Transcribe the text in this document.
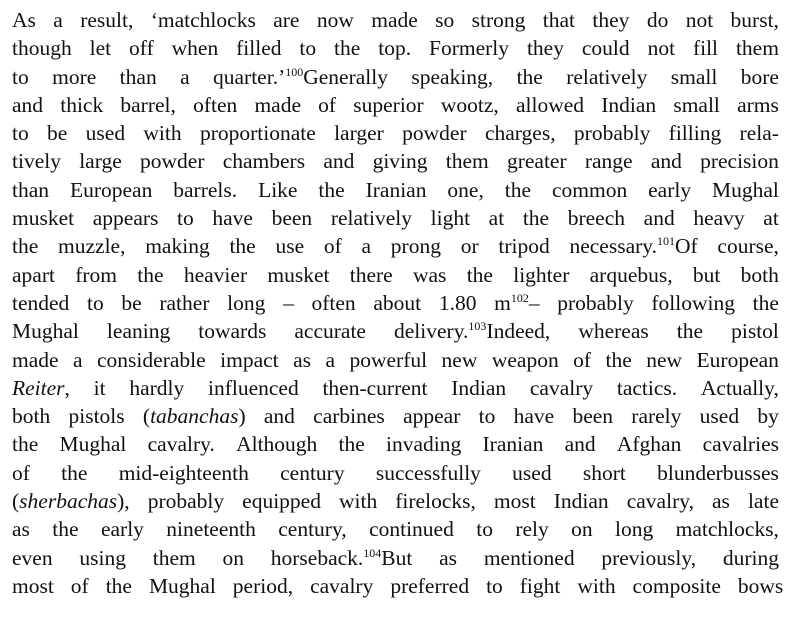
As a result, ‘matchlocks are now made so strong that they do not burst,
though let off when filled to the top. Formerly they could not fill them
to more than a quarter.’$^{100}$Generally speaking, the relatively small bore
and thick barrel, often made of superior wootz, allowed Indian small arms
to be used with proportionate larger powder charges, probably filling rela-
tively large powder chambers and giving them greater range and precision
than European barrels. Like the Iranian one, the common early Mughal
musket appears to have been relatively light at the breech and heavy at
the muzzle, making the use of a prong or tripod necessary.$^{101}$Of course,
apart from the heavier musket there was the lighter arquebus, but both
tended to be rather long – often about 1.80 $m^{102}-$ probably following the
Mughal leaning towards accurate delivery.$^{103}$Indeed, whereas the pistol
made a considerable impact as a powerful new weapon of the new European
Reiter, it hardly influenced then-current Indian cavalry tactics. Actually,
both pistols (tabanchas) and carbines appear to have been rarely used by
the Mughal cavalry. Although the invading Iranian and Afghan cavalries
of the mid-eighteenth century successfully used short blunderbusses
(sherbachas), probably equipped with firelocks, most Indian cavalry, as late
as the early nineteenth century, continued to rely on long matchlocks,
even using them on horseback.$^{104}$But as mentioned previously, during
most of the Mughal period, cavalry preferred to fight with composite bows
